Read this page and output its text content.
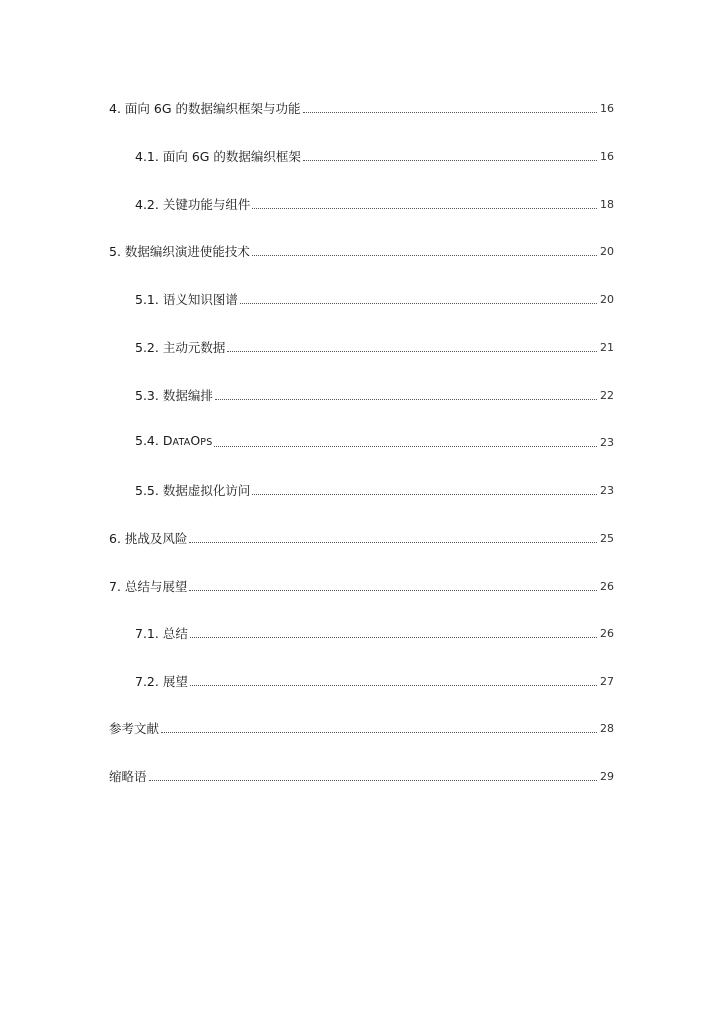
4. 面向 6G 的数据编织框架与功能	16
4.1. 面向 6G 的数据编织框架	16
4.2. 关键功能与组件	18
5. 数据编织演进使能技术	20
5.1. 语义知识图谱	20
5.2. 主动元数据	21
5.3. 数据编排	22
5.4. DATAOPS	23
5.5. 数据虚拟化访问	23
6. 挑战及风险	25
7. 总结与展望	26
7.1. 总结	26
7.2. 展望	27
参考文献	28
缩略语	29
